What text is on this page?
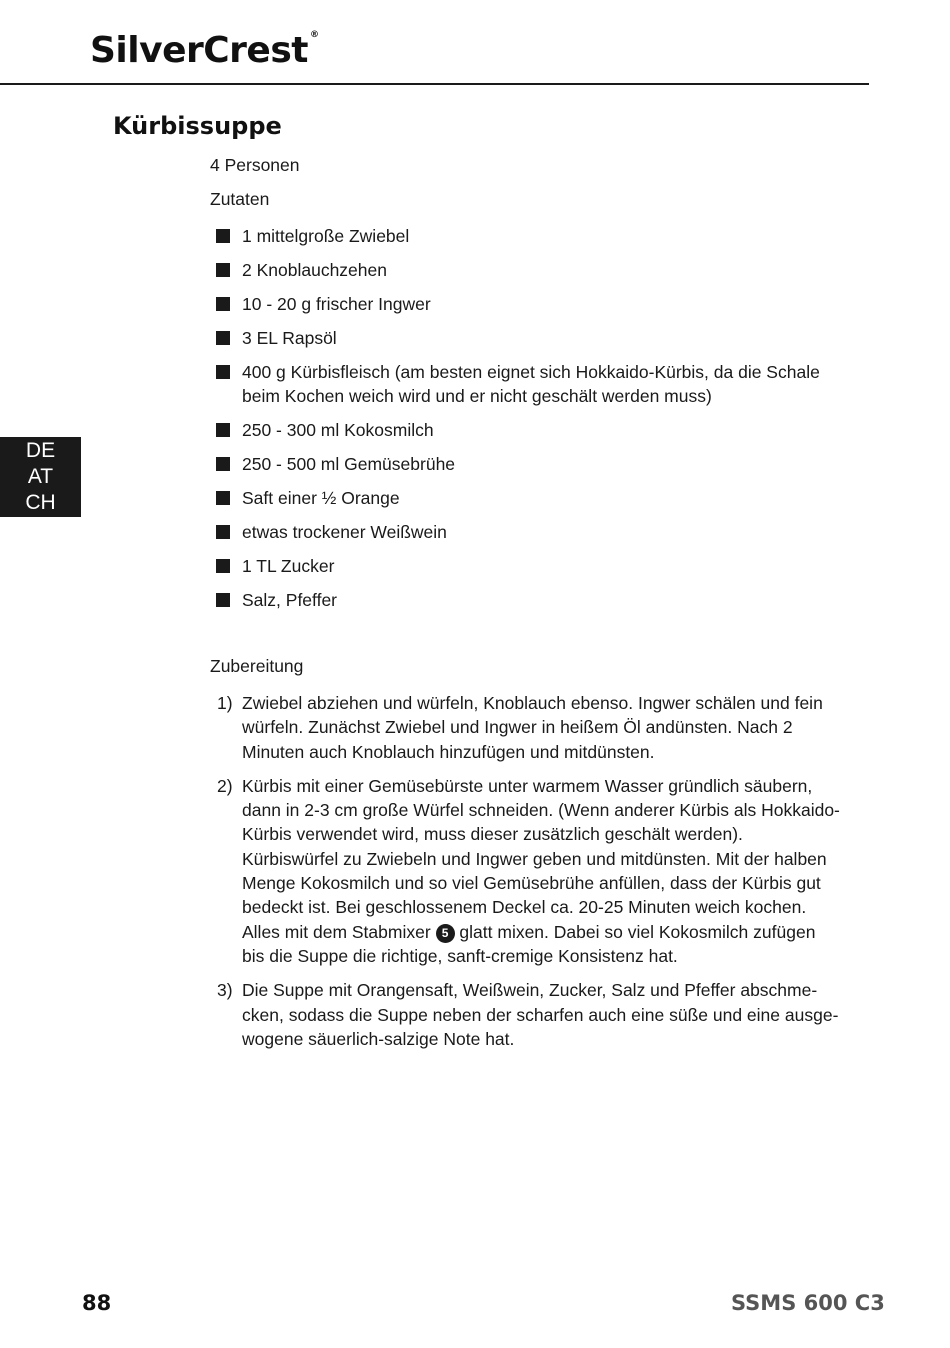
SilverCrest ®
Kürbissuppe
DE
AT
CH
4 Personen
Zutaten
1 mittelgroße Zwiebel
2 Knoblauchzehen
10 - 20 g frischer Ingwer
3 EL Rapsöl
400 g Kürbisfleisch (am besten eignet sich Hokkaido-Kürbis, da die Schale beim Kochen weich wird und er nicht geschält werden muss)
250 - 300 ml Kokosmilch
250 - 500 ml Gemüsebrühe
Saft einer ½ Orange
etwas trockener Weißwein
1 TL Zucker
Salz, Pfeffer
Zubereitung
1) Zwiebel abziehen und würfeln, Knoblauch ebenso. Ingwer schälen und fein würfeln. Zunächst Zwiebel und Ingwer in heißem Öl andünsten. Nach 2 Minuten auch Knoblauch hinzufügen und mitdünsten.
2) Kürbis mit einer Gemüsebürste unter warmem Wasser gründlich säubern, dann in 2-3 cm große Würfel schneiden. (Wenn anderer Kürbis als Hokkaido-Kürbis verwendet wird, muss dieser zusätzlich geschält werden). Kürbiswürfel zu Zwiebeln und Ingwer geben und mitdünsten. Mit der halben Menge Kokosmilch und so viel Gemüsebrühe anfüllen, dass der Kürbis gut bedeckt ist. Bei geschlossenem Deckel ca. 20-25 Minuten weich kochen. Alles mit dem Stabmixer 5 glatt mixen. Dabei so viel Kokosmilch zufügen bis die Suppe die richtige, sanft-cremige Konsistenz hat.
3) Die Suppe mit Orangensaft, Weißwein, Zucker, Salz und Pfeffer abschmecken, sodass die Suppe neben der scharfen auch eine süße und eine ausgewogene säuerlich-salzige Note hat.
88	SSMS 600 C3
